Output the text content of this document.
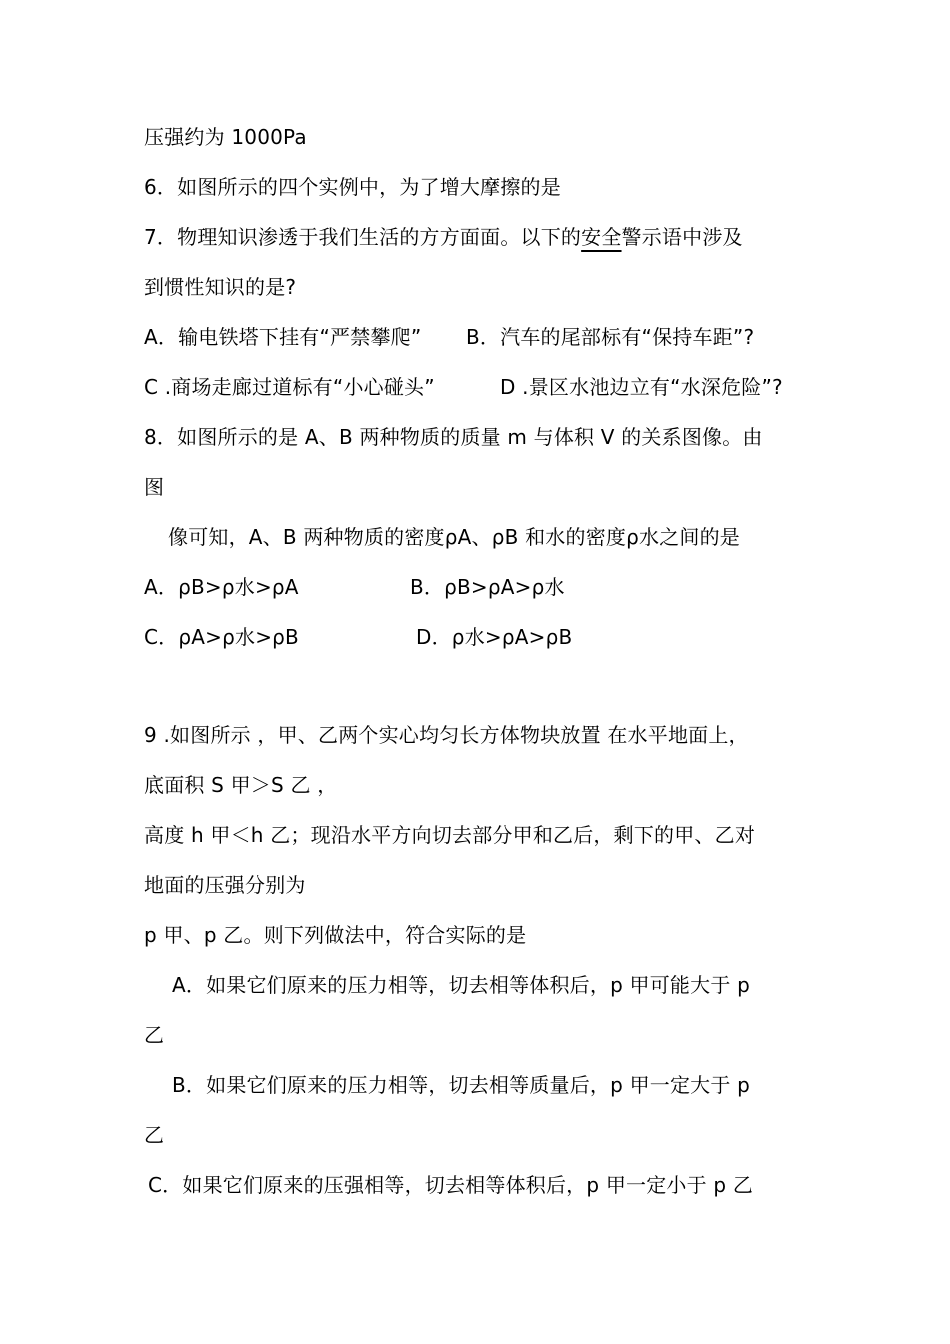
压强约为 1000Pa
6．如图所示的四个实例中，为了增大摩擦的是
7．物理知识渗透于我们生活的方方面面。以下的安全警示语中涉及
到惯性知识的是?
A．输电铁塔下挂有“严禁攀爬” B．汽车的尾部标有“保持车距”?
C .商场走廊过道标有“小心碰头”	D .景区水池边立有“水深危险”?
8．如图所示的是 A、B 两种物质的质量 m 与体积 V 的关系图像。由
图
像可知，A、B 两种物质的密度ρA、ρB 和水的密度ρ水之间的是
A．ρB>ρ水>ρA	B．ρB>ρA>ρ水
C．ρA>ρ水>ρB	D．ρ水>ρA>ρB
9 .如图所示 ，甲、乙两个实心均匀长方体物块放置 在水平地面上，
底面积 S 甲＞S 乙 ，
高度 h 甲＜h 乙；现沿水平方向切去部分甲和乙后，剩下的甲、乙对
地面的压强分别为
p 甲、p 乙。则下列做法中，符合实际的是
A．如果它们原来的压力相等，切去相等体积后，p 甲可能大于 p
乙
B．如果它们原来的压力相等，切去相等质量后，p 甲一定大于 p
乙
C．如果它们原来的压强相等，切去相等体积后，p 甲一定小于 p 乙
